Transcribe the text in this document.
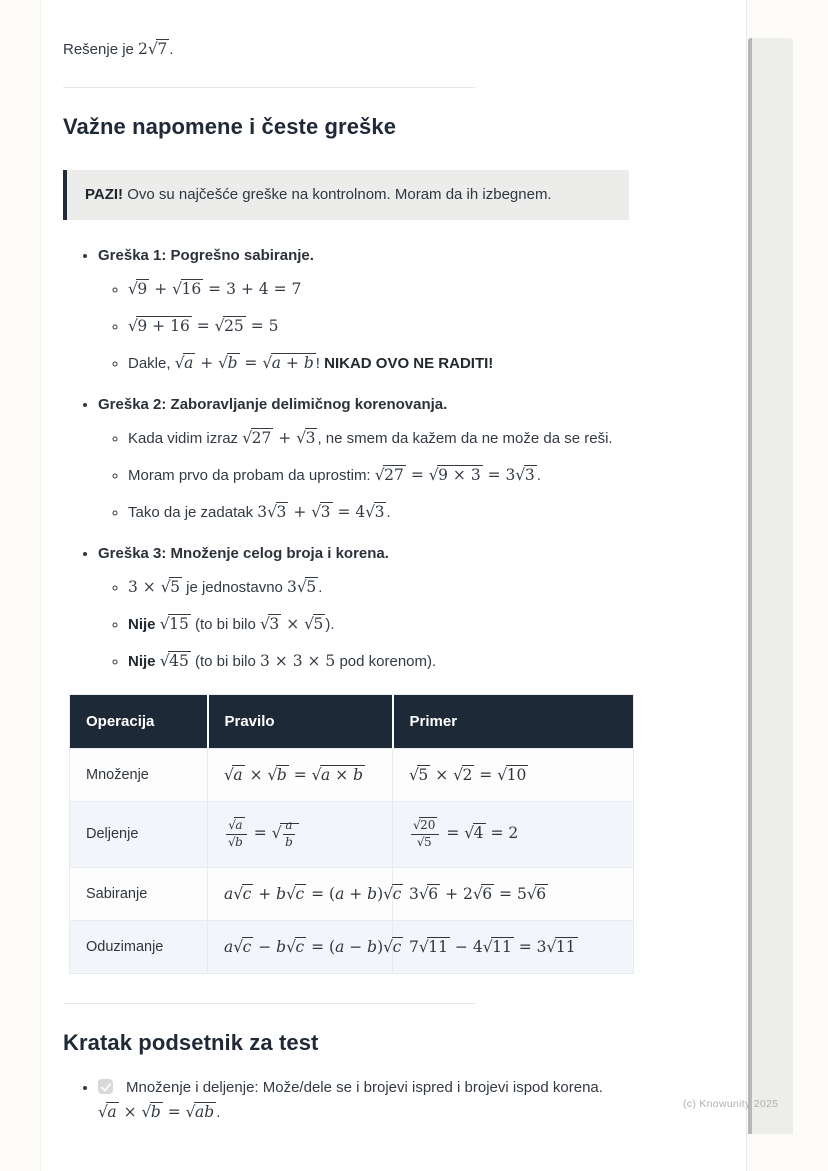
Rešenje je 2√7 .

Važne napomene i česte greške
PAZI! Ovo su najčešće greške na kontrolnom. Moram da ih izbegnem.
• Greška 1: Pogrešno sabiranje.
◦ √9 + √16 = 3 + 4 = 7
◦ √9 + 16 = √25 = 5
◦ Dakle, √a + √b = √a + b ! NIKAD OVO NE RADITI!
• Greška 2: Zaboravljanje delimičnog korenovanja.
◦ Kada vidim izraz √27 + √3 , ne smem da kažem da ne može da se reši.
◦ Moram prvo da probam da uprostim: √27 = √9 × 3 = 3√3 .
◦ Tako da je zadatak 3√3 + √3 = 4√3 .
• Greška 3: Množenje celog broja i korena.
◦ 3 × √5 je jednostavno 3√5 .
◦ Nije √15 (to bi bilo √3 × √5 ).
◦ Nije √45 (to bi bilo 3 × 3 × 5 pod korenom).
Operacija	Pravilo	Primer
Množenje	√a × √b = √a × b	√5 × √2 = √10
Deljenje	$\frac{√a}{√b}$ = √ $\frac{a}{b}$	$\frac{√20}{√5} = √4 = 2$
Sabiranje	a√c + b√c = (a + b)√c	3√6 + 2√6 = 5√6
Oduzimanje	a√c − b√c = (a − b)√c	7√11 − 4√11 = 3√11
Kratak podsetnik za test
• Množenje i deljenje: Može/dele se i brojevi ispred i brojevi ispod korena. √a × √b = √ab .	(c) Knowunity 2025
